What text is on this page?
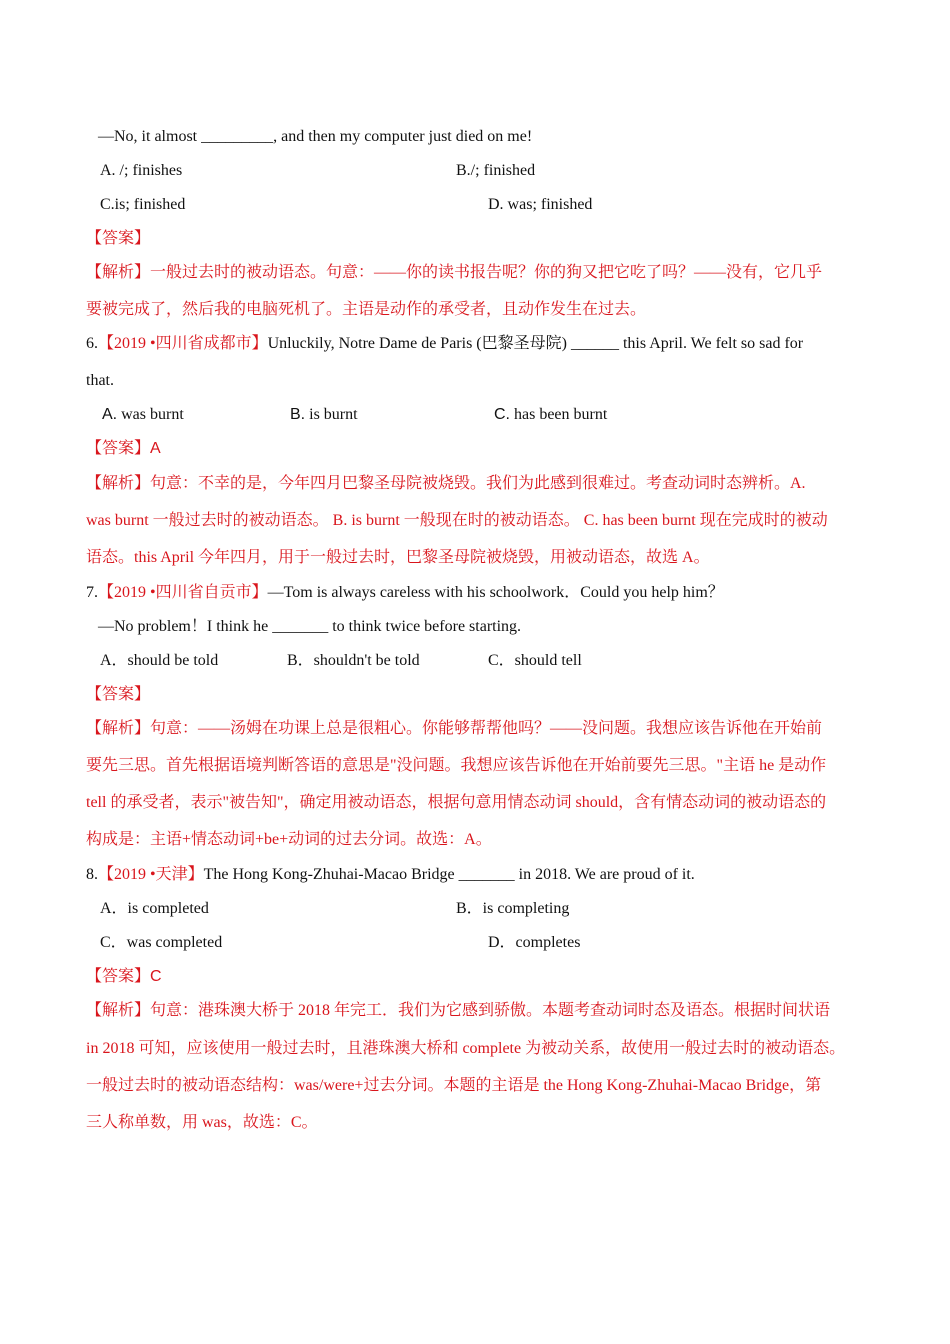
—No, it almost _________, and then my computer just died on me!
A. /; finishes	B./; finished
C.is; finished	D. was; finished
【答案】
【解析】一般过去时的被动语态。句意：——你的读书报告呢？你的狗又把它吃了吗？——没有，它几乎
要被完成了，然后我的电脑死机了。主语是动作的承受者，且动作发生在过去。
6.【2019 •四川省成都市】Unluckily, Notre Dame de Paris (巴黎圣母院) ______ this April. We felt so sad for
that.
A. was burnt	B. is burnt	C. has been burnt
【答案】A
【解析】句意：不幸的是，今年四月巴黎圣母院被烧毁。我们为此感到很难过。考查动词时态辨析。A.
was burnt 一般过去时的被动语态。 B. is burnt 一般现在时的被动语态。 C. has been burnt 现在完成时的被动
语态。this April 今年四月，用于一般过去时，巴黎圣母院被烧毁，用被动语态，故选 A。
7.【2019 •四川省自贡市】—Tom is always careless with his schoolwork．Could you help him？
—No problem！I think he _______ to think twice before starting.
A．should be told	B．shouldn't be told	C．should tell
【答案】
【解析】句意：——汤姆在功课上总是很粗心。你能够帮帮他吗？——没问题。我想应该告诉他在开始前
要先三思。首先根据语境判断答语的意思是"没问题。我想应该告诉他在开始前要先三思。"主语 he 是动作
tell 的承受者，表示"被告知"，确定用被动语态，根据句意用情态动词 should，含有情态动词的被动语态的
构成是：主语+情态动词+be+动词的过去分词。故选：A。
8.【2019 •天津】The Hong Kong-Zhuhai-Macao Bridge _______ in 2018. We are proud of it.
A．is completed	B．is completing
C．was completed	D．completes
【答案】C
【解析】句意：港珠澳大桥于 2018 年完工．我们为它感到骄傲。本题考查动词时态及语态。根据时间状语
in 2018 可知，应该使用一般过去时，且港珠澳大桥和 complete 为被动关系，故使用一般过去时的被动语态。
一般过去时的被动语态结构：was/were+过去分词。本题的主语是 the Hong Kong-Zhuhai-Macao Bridge，第
三人称单数，用 was，故选：C。
